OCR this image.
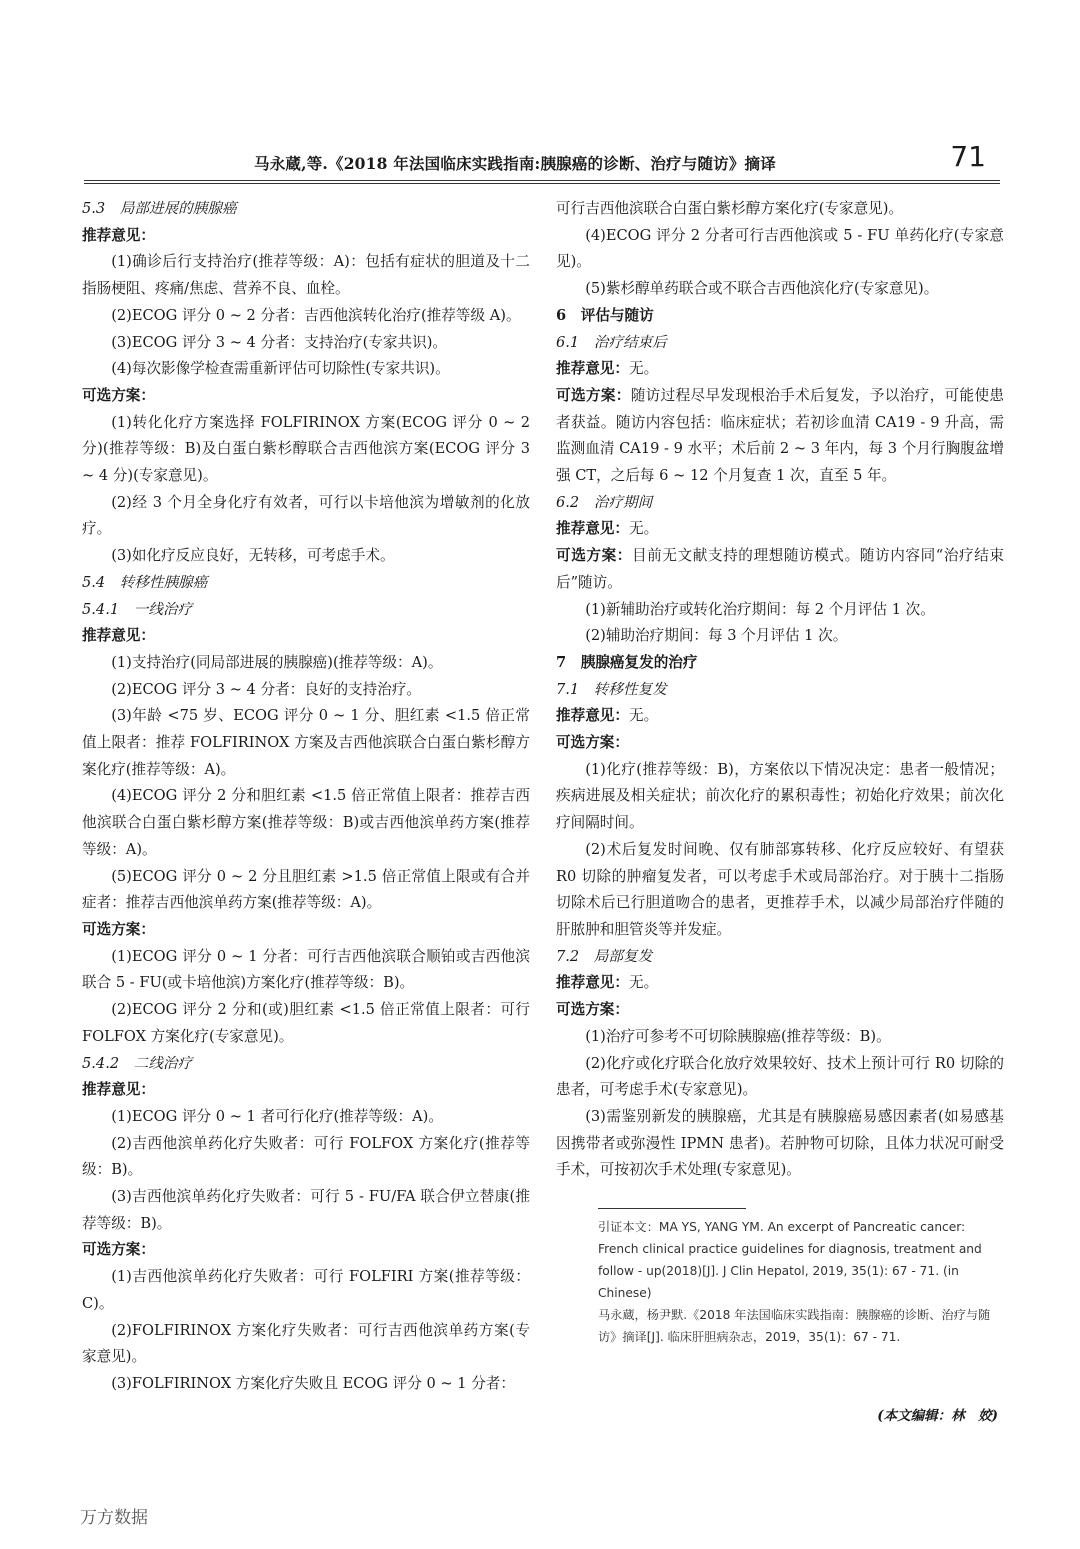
马永蔵,等.《2018 年法国临床实践指南:胰腺癌的诊断、治疗与随访》摘译	71

5.3　局部进展的胰腺癌

推荐意见：

(1)确诊后行支持治疗(推荐等级：A)：包括有症状的胆道及十二指肠梗阻、疼痛/焦虑、营养不良、血栓。

(2)ECOG 评分 0 ~ 2 分者：吉西他滨转化治疗(推荐等级 A)。

(3)ECOG 评分 3 ~ 4 分者：支持治疗(专家共识)。

(4)每次影像学检查需重新评估可切除性(专家共识)。

可选方案：

(1)转化化疗方案选择 FOLFIRINOX 方案(ECOG 评分 0 ~ 2 分)(推荐等级：B)及白蛋白紫杉醇联合吉西他滨方案(ECOG 评分 3 ~ 4 分)(专家意见)。

(2)经 3 个月全身化疗有效者，可行以卡培他滨为增敏剂的化放疗。

(3)如化疗反应良好，无转移，可考虑手术。

5.4　转移性胰腺癌

5.4.1　一线治疗

推荐意见：

(1)支持治疗(同局部进展的胰腺癌)(推荐等级：A)。

(2)ECOG 评分 3 ~ 4 分者：良好的支持治疗。

(3)年龄 <75 岁、ECOG 评分 0 ~ 1 分、胆红素 <1.5 倍正常值上限者：推荐 FOLFIRINOX 方案及吉西他滨联合白蛋白紫杉醇方案化疗(推荐等级：A)。

(4)ECOG 评分 2 分和胆红素 <1.5 倍正常值上限者：推荐吉西他滨联合白蛋白紫杉醇方案(推荐等级：B)或吉西他滨单药方案(推荐等级：A)。

(5)ECOG 评分 0 ~ 2 分且胆红素 >1.5 倍正常值上限或有合并症者：推荐吉西他滨单药方案(推荐等级：A)。

可选方案：

(1)ECOG 评分 0 ~ 1 分者：可行吉西他滨联合顺铂或吉西他滨联合 5 - FU(或卡培他滨)方案化疗(推荐等级：B)。

(2)ECOG 评分 2 分和(或)胆红素 <1.5 倍正常值上限者：可行 FOLFOX 方案化疗(专家意见)。

5.4.2　二线治疗

推荐意见：

(1)ECOG 评分 0 ~ 1 者可行化疗(推荐等级：A)。

(2)吉西他滨单药化疗失败者：可行 FOLFOX 方案化疗(推荐等级：B)。

(3)吉西他滨单药化疗失败者：可行 5 - FU/FA 联合伊立替康(推荐等级：B)。

可选方案：

(1)吉西他滨单药化疗失败者：可行 FOLFIRI 方案(推荐等级：C)。

(2)FOLFIRINOX 方案化疗失败者：可行吉西他滨单药方案(专家意见)。

(3)FOLFIRINOX 方案化疗失败且 ECOG 评分 0 ~ 1 分者：

可行吉西他滨联合白蛋白紫杉醇方案化疗(专家意见)。

(4)ECOG 评分 2 分者可行吉西他滨或 5 - FU 单药化疗(专家意见)。

(5)紫杉醇单药联合或不联合吉西他滨化疗(专家意见)。

6　评估与随访

6.1　治疗结束后

推荐意见：无。

可选方案：随访过程尽早发现根治手术后复发，予以治疗，可能使患者获益。随访内容包括：临床症状；若初诊血清 CA19 - 9 升高，需监测血清 CA19 - 9 水平；术后前 2 ~ 3 年内，每 3 个月行胸腹盆增强 CT，之后每 6 ~ 12 个月复查 1 次，直至 5 年。

6.2　治疗期间

推荐意见：无。

可选方案：目前无文献支持的理想随访模式。随访内容同“治疗结束后”随访。

(1)新辅助治疗或转化治疗期间：每 2 个月评估 1 次。

(2)辅助治疗期间：每 3 个月评估 1 次。

7　胰腺癌复发的治疗

7.1　转移性复发

推荐意见：无。

可选方案：

(1)化疗(推荐等级：B)，方案依以下情况决定：患者一般情况；疾病进展及相关症状；前次化疗的累积毒性；初始化疗效果；前次化疗间隔时间。

(2)术后复发时间晚、仅有肺部寡转移、化疗反应较好、有望获 R0 切除的肿瘤复发者，可以考虑手术或局部治疗。对于胰十二指肠切除术后已行胆道吻合的患者，更推荐手术，以减少局部治疗伴随的肝脓肿和胆管炎等并发症。

7.2　局部复发

推荐意见：无。

可选方案：

(1)治疗可参考不可切除胰腺癌(推荐等级：B)。

(2)化疗或化疗联合化放疗效果较好、技术上预计可行 R0 切除的患者，可考虑手术(专家意见)。

(3)需鉴别新发的胰腺癌，尤其是有胰腺癌易感因素者(如易感基因携带者或弥漫性 IPMN 患者)。若肿物可切除，且体力状况可耐受手术，可按初次手术处理(专家意见)。

引证本文：MA YS, YANG YM. An excerpt of Pancreatic cancer: French clinical practice guidelines for diagnosis, treatment and follow - up(2018)[J]. J Clin Hepatol, 2019, 35(1): 67 - 71. (in Chinese)

马永蔵，杨尹默.《2018 年法国临床实践指南：胰腺癌的诊断、治疗与随访》摘译[J]. 临床肝胆病杂志，2019，35(1)：67 - 71.

(本文编辑：林　姣)
万方数据
